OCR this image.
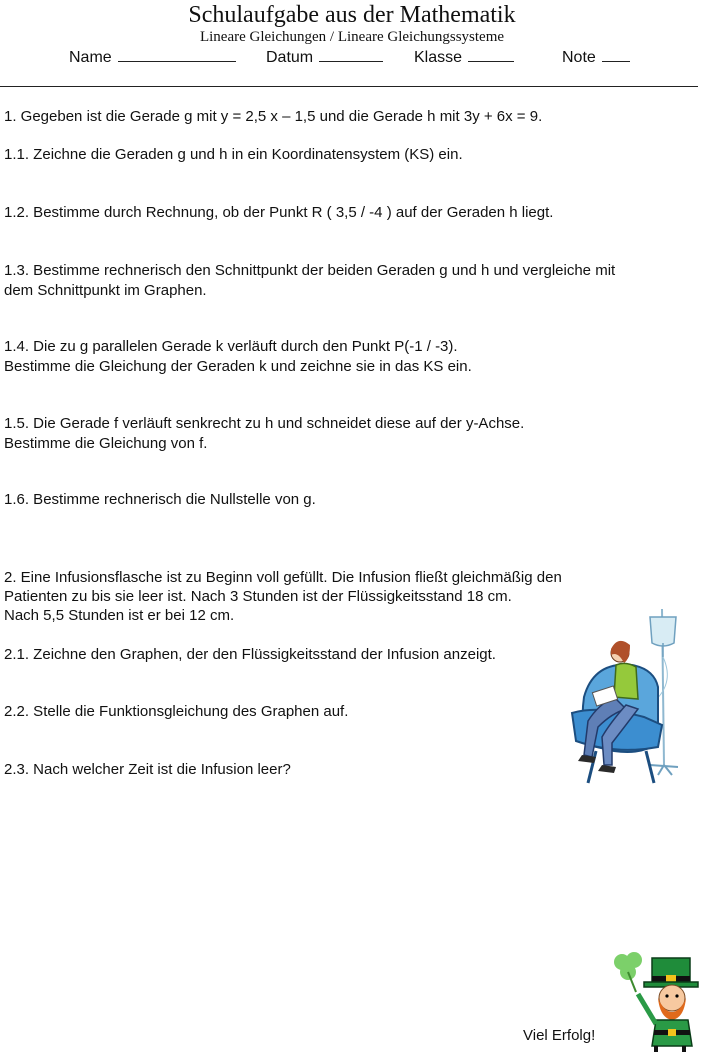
Schulaufgabe aus der Mathematik
Lineare Gleichungen / Lineare Gleichungssysteme
Name	Datum	Klasse	Note

1. Gegeben ist die Gerade g mit y = 2,5 x – 1,5 und die Gerade h mit 3y + 6x = 9.

1.1. Zeichne die Geraden g und h in ein Koordinatensystem (KS) ein.

1.2. Bestimme durch Rechnung, ob der Punkt R ( 3,5 / -4 ) auf der Geraden h liegt.

1.3. Bestimme rechnerisch den Schnittpunkt der beiden Geraden g und h und vergleiche mit

dem Schnittpunkt im Graphen.

1.4. Die zu g parallelen Gerade k verläuft durch den Punkt P(-1 / -3).

Bestimme die Gleichung der Geraden k und zeichne sie in das KS ein.

1.5. Die Gerade f verläuft senkrecht zu h und schneidet diese auf der y-Achse.

Bestimme die Gleichung von f.

1.6. Bestimme rechnerisch die Nullstelle von g.

2. Eine Infusionsflasche ist zu Beginn voll gefüllt. Die Infusion fließt gleichmäßig den

Patienten zu bis sie leer ist. Nach 3 Stunden ist der Flüssigkeitsstand 18 cm.

Nach 5,5 Stunden ist er bei 12 cm.

2.1. Zeichne den Graphen, der den Flüssigkeitsstand der Infusion anzeigt.

2.2. Stelle die Funktionsgleichung des Graphen auf.

2.3. Nach welcher Zeit ist die Infusion leer?

Viel Erfolg!
